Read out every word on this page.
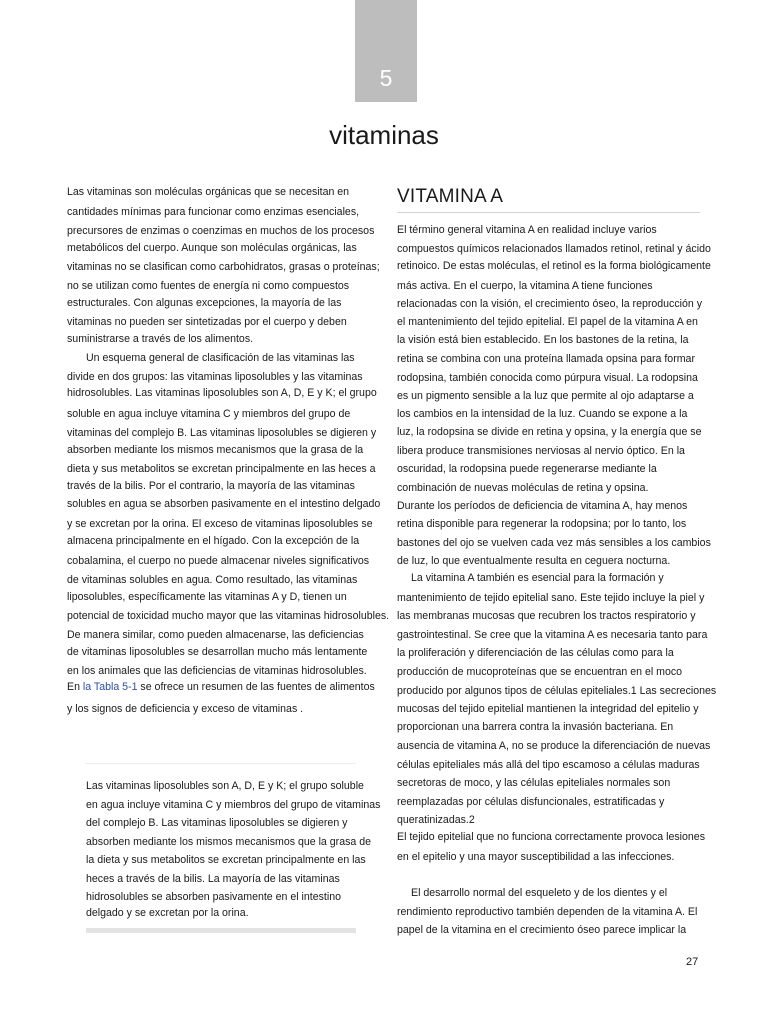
5
vitaminas
Las vitaminas son moléculas orgánicas que se necesitan en
cantidades mínimas para funcionar como enzimas esenciales,
precursores de enzimas o coenzimas en muchos de los procesos
metabólicos del cuerpo. Aunque son moléculas orgánicas, las
vitaminas no se clasifican como carbohidratos, grasas o proteínas;
no se utilizan como fuentes de energía ni como compuestos
estructurales. Con algunas excepciones, la mayoría de las
vitaminas no pueden ser sintetizadas por el cuerpo y deben
suministrarse a través de los alimentos.
Un esquema general de clasificación de las vitaminas las
divide en dos grupos: las vitaminas liposolubles y las vitaminas
hidrosolubles. Las vitaminas liposolubles son A, D, E y K; el grupo
soluble en agua incluye vitamina C y miembros del grupo de
vitaminas del complejo B. Las vitaminas liposolubles se digieren y
absorben mediante los mismos mecanismos que la grasa de la
dieta y sus metabolitos se excretan principalmente en las heces a
través de la bilis. Por el contrario, la mayoría de las vitaminas
solubles en agua se absorben pasivamente en el intestino delgado
y se excretan por la orina. El exceso de vitaminas liposolubles se
almacena principalmente en el hígado. Con la excepción de la
cobalamina, el cuerpo no puede almacenar niveles significativos
de vitaminas solubles en agua. Como resultado, las vitaminas
liposolubles, específicamente las vitaminas A y D, tienen un
potencial de toxicidad mucho mayor que las vitaminas hidrosolubles.
De manera similar, como pueden almacenarse, las deficiencias
de vitaminas liposolubles se desarrollan mucho más lentamente
en los animales que las deficiencias de vitaminas hidrosolubles.
En la Tabla 5-1 se ofrece un resumen de las fuentes de alimentos
y los signos de deficiencia y exceso de vitaminas .
Las vitaminas liposolubles son A, D, E y K; el grupo soluble
en agua incluye vitamina C y miembros del grupo de vitaminas
del complejo B. Las vitaminas liposolubles se digieren y
absorben mediante los mismos mecanismos que la grasa de
la dieta y sus metabolitos se excretan principalmente en las
heces a través de la bilis. La mayoría de las vitaminas
hidrosolubles se absorben pasivamente en el intestino
delgado y se excretan por la orina.
VITAMINA A
El término general vitamina A en realidad incluye varios
compuestos químicos relacionados llamados retinol, retinal y ácido
retinoico. De estas moléculas, el retinol es la forma biológicamente
más activa. En el cuerpo, la vitamina A tiene funciones
relacionadas con la visión, el crecimiento óseo, la reproducción y
el mantenimiento del tejido epitelial. El papel de la vitamina A en
la visión está bien establecido. En los bastones de la retina, la
retina se combina con una proteína llamada opsina para formar
rodopsina, también conocida como púrpura visual. La rodopsina
es un pigmento sensible a la luz que permite al ojo adaptarse a
los cambios en la intensidad de la luz. Cuando se expone a la
luz, la rodopsina se divide en retina y opsina, y la energía que se
libera produce transmisiones nerviosas al nervio óptico. En la
oscuridad, la rodopsina puede regenerarse mediante la
combinación de nuevas moléculas de retina y opsina.
Durante los períodos de deficiencia de vitamina A, hay menos
retina disponible para regenerar la rodopsina; por lo tanto, los
bastones del ojo se vuelven cada vez más sensibles a los cambios
de luz, lo que eventualmente resulta en ceguera nocturna.
La vitamina A también es esencial para la formación y
mantenimiento de tejido epitelial sano. Este tejido incluye la piel y
las membranas mucosas que recubren los tractos respiratorio y
gastrointestinal. Se cree que la vitamina A es necesaria tanto para
la proliferación y diferenciación de las células como para la
producción de mucoproteínas que se encuentran en el moco
producido por algunos tipos de células epiteliales.1 Las secreciones
mucosas del tejido epitelial mantienen la integridad del epitelio y
proporcionan una barrera contra la invasión bacteriana. En
ausencia de vitamina A, no se produce la diferenciación de nuevas
células epiteliales más allá del tipo escamoso a células maduras
secretoras de moco, y las células epiteliales normales son
reemplazadas por células disfuncionales, estratificadas y
queratinizadas.2
El tejido epitelial que no funciona correctamente provoca lesiones
en el epitelio y una mayor susceptibilidad a las infecciones.
El desarrollo normal del esqueleto y de los dientes y el
rendimiento reproductivo también dependen de la vitamina A. El
papel de la vitamina en el crecimiento óseo parece implicar la
27
